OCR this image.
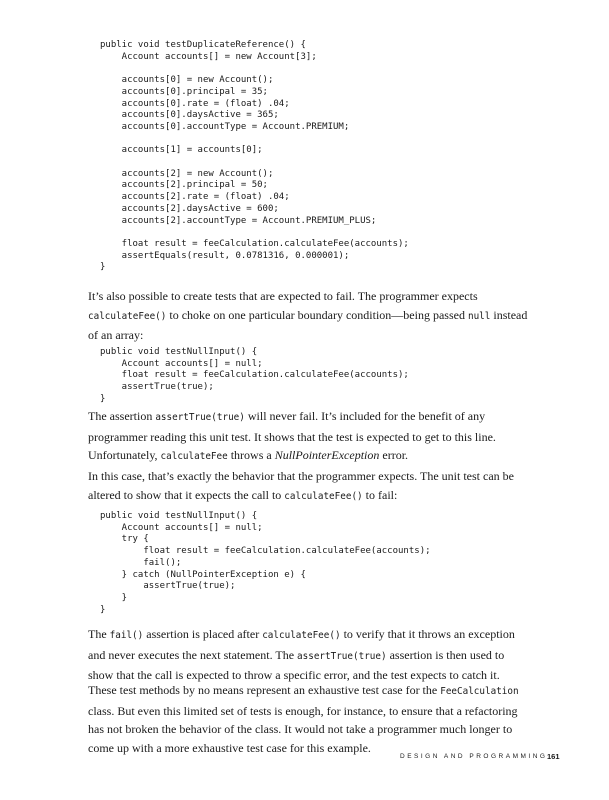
public void testDuplicateReference() {
Account accounts[] = new Account[3];

accounts[0] = new Account();
accounts[0].principal = 35;
accounts[0].rate = (float) .04;
accounts[0].daysActive = 365;
accounts[0].accountType = Account.PREMIUM;

accounts[1] = accounts[0];

accounts[2] = new Account();
accounts[2].principal = 50;
accounts[2].rate = (float) .04;
accounts[2].daysActive = 600;
accounts[2].accountType = Account.PREMIUM_PLUS;

float result = feeCalculation.calculateFee(accounts);
assertEquals(result, 0.0781316, 0.000001);
}

It’s also possible to create tests that are expected to fail. The programmer expects calculateFee() to choke on one particular boundary condition—being passed null instead of an array:

public void testNullInput() {
Account accounts[] = null;
float result = feeCalculation.calculateFee(accounts);
assertTrue(true);
}

The assertion assertTrue(true) will never fail. It’s included for the benefit of any programmer reading this unit test. It shows that the test is expected to get to this line. Unfortunately, calculateFee throws a NullPointerException error.

In this case, that’s exactly the behavior that the programmer expects. The unit test can be altered to show that it expects the call to calculateFee() to fail:

public void testNullInput() {
Account accounts[] = null;
try {
float result = feeCalculation.calculateFee(accounts);
fail();
} catch (NullPointerException e) {
assertTrue(true);
}
}

The fail() assertion is placed after calculateFee() to verify that it throws an exception and never executes the next statement. The assertTrue(true) assertion is then used to show that the call is expected to throw a specific error, and the test expects to catch it.

These test methods by no means represent an exhaustive test case for the FeeCalculation class. But even this limited set of tests is enough, for instance, to ensure that a refactoring has not broken the behavior of the class. It would not take a programmer much longer to come up with a more exhaustive test case for this example.

DESIGN AND PROGRAMMING 161
